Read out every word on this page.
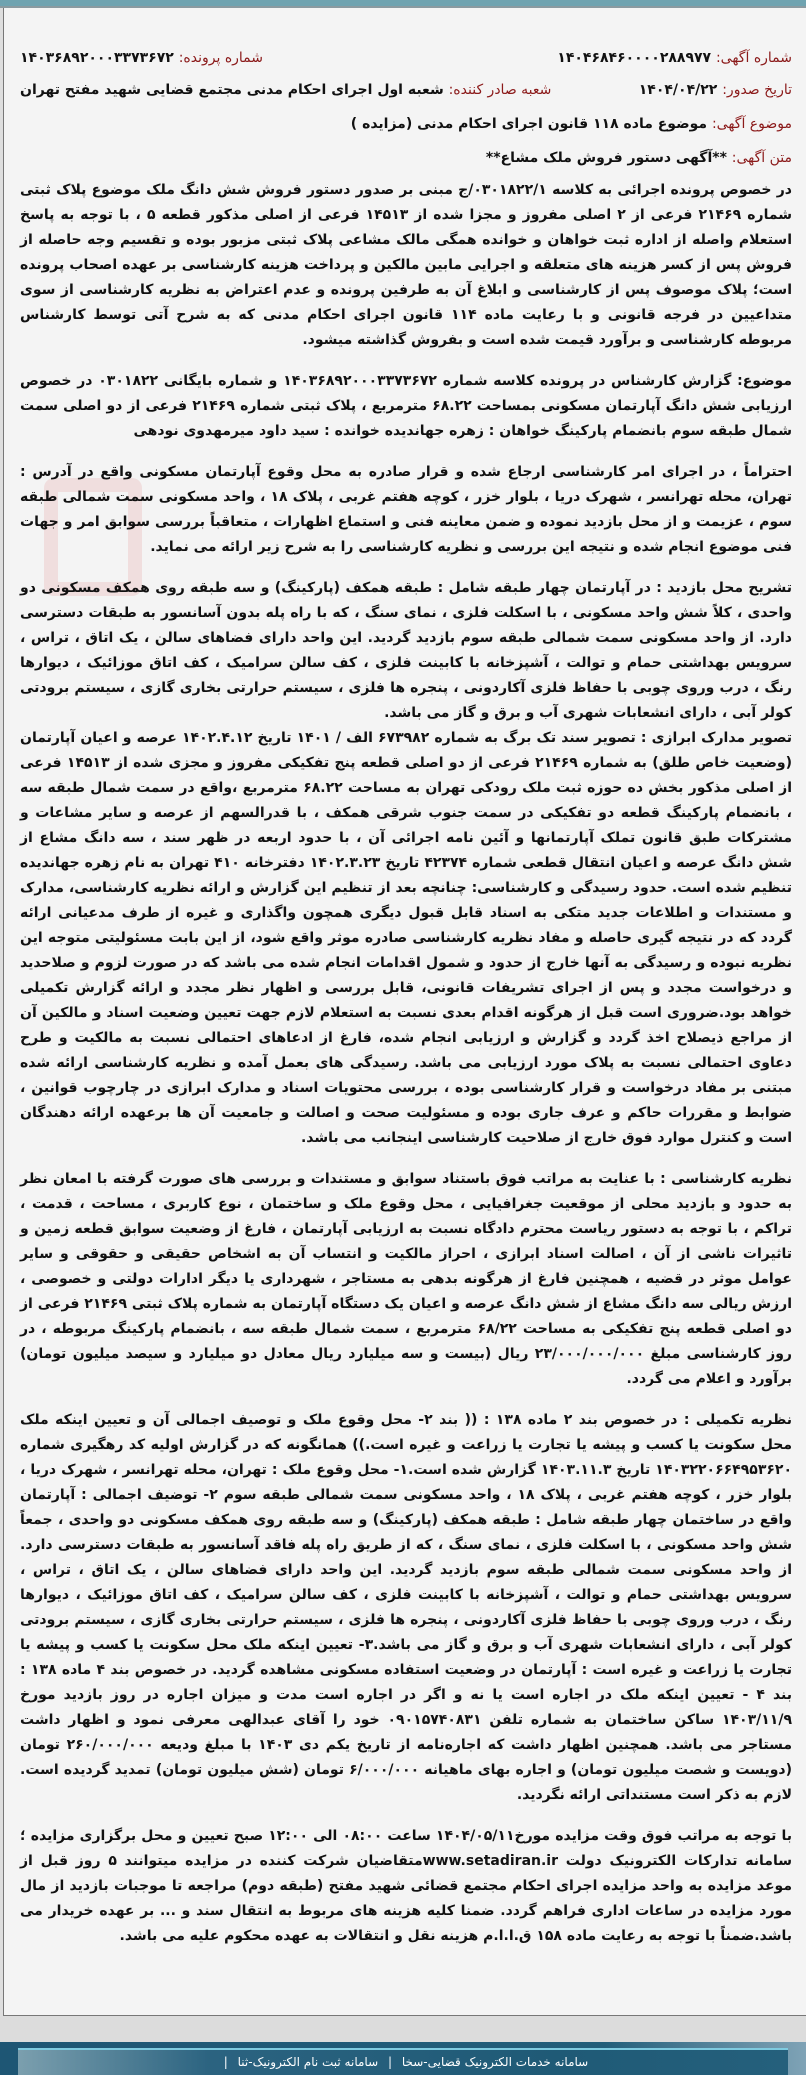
شماره آگهی: ۱۴۰۴۶۸۴۶۰۰۰۰۲۸۸۹۷۷
شماره پرونده: ۱۴۰۳۶۸۹۲۰۰۰۳۳۷۳۶۷۲
تاریخ صدور: ۱۴۰۴/۰۴/۲۲
شعبه صادر کننده: شعبه اول اجرای احکام مدنی مجتمع قضایی شهید مفتح تهران
موضوع آگهی: موضوع ماده ۱۱۸ قانون اجرای احکام مدنی (مزایده )
متن آگهی: **آگهی دستور فروش ملک مشاع**

در خصوص پرونده اجرائی به کلاسه ۰۳۰۱۸۲۲/۱/ج مبنی بر صدور دستور فروش شش دانگ ملک موضوع پلاک ثبتی شماره ۲۱۴۶۹ فرعی از ۲ اصلی مفروز و مجزا شده از ۱۴۵۱۳ فرعی از اصلی مذکور قطعه ۵ ، با توجه به پاسخ استعلام واصله از اداره ثبت خواهان و خوانده همگی مالک مشاعی پلاک ثبتی مزبور بوده و تقسیم وجه حاصله از فروش پس از کسر هزینه های متعلقه و اجرایی مابین مالکین و پرداخت هزینه کارشناسی بر عهده اصحاب پرونده است؛ پلاک موصوف پس از کارشناسی و ابلاغ آن به طرفین پرونده و عدم اعتراض به نظریه کارشناسی از سوی متداعیین در فرجه قانونی و با رعایت ماده ۱۱۴ قانون اجرای احکام مدنی که به شرح آتی توسط کارشناس مربوطه کارشناسی و برآورد قیمت شده است و بفروش گذاشته میشود.

موضوع: گزارش کارشناس در پرونده کلاسه شماره ۱۴۰۳۶۸۹۲۰۰۰۳۳۷۳۶۷۲ و شماره بایگانی ۰۳۰۱۸۲۲ در خصوص ارزیابی شش دانگ آپارتمان مسکونی بمساحت ۶۸.۲۲ مترمربع ، پلاک ثبتی شماره ۲۱۴۶۹ فرعی از دو اصلی سمت شمال طبقه سوم بانضمام پارکینگ خواهان : زهره جهاندیده خوانده : سید داود میرمهدوی نودهی

احتراماً ، در اجرای امر کارشناسی ارجاع شده و قرار صادره به محل وقوع آپارتمان مسکونی واقع در آدرس : تهران، محله تهرانسر ، شهرک دریا ، بلوار خزر ، کوچه هفتم غربی ، پلاک ۱۸ ، واحد مسکونی سمت شمالی طبقه سوم ، عزیمت و از محل بازدید نموده و ضمن معاینه فنی و استماع اظهارات ، متعاقباً بررسی سوابق امر و جهات فنی موضوع انجام شده و نتیجه این بررسی و نظریه کارشناسی را به شرح زیر ارائه می نماید.

تشریح محل بازدید : در آپارتمان چهار طبقه شامل : طبقه همکف (پارکینگ) و سه طبقه روی همکف مسکونی دو واحدی ، کلاً شش واحد مسکونی ، با اسکلت فلزی ، نمای سنگ ، که با راه پله بدون آسانسور به طبقات دسترسی دارد. از واحد مسکونی سمت شمالی طبقه سوم بازدید گردید. این واحد دارای فضاهای سالن ، یک اتاق ، تراس ، سرویس بهداشتی حمام و توالت ، آشپزخانه با کابینت فلزی ، کف سالن سرامیک ، کف اتاق موزائیک ، دیوارها رنگ ، درب وروی چوبی با حفاظ فلزی آکاردونی ، پنجره ها فلزی ، سیستم حرارتی بخاری گازی ، سیستم برودتی کولر آبی ، دارای انشعابات شهری آب و برق و گاز می باشد.

تصویر مدارک ابرازی : تصویر سند تک برگ به شماره ۶۷۳۹۸۲ الف / ۱۴۰۱ تاریخ ۱۴۰۲.۴.۱۲ عرصه و اعیان آپارتمان (وضعیت خاص طلق) به شماره ۲۱۴۶۹ فرعی از دو اصلی قطعه پنج تفکیکی مفروز و مجزی شده از ۱۴۵۱۳ فرعی از اصلی مذکور بخش ده حوزه ثبت ملک رودکی تهران به مساحت ۶۸.۲۲ مترمربع ،واقع در سمت شمال طبقه سه ، بانضمام پارکینگ قطعه دو تفکیکی در سمت جنوب شرقی همکف ، با قدرالسهم از عرصه و سایر مشاعات و مشترکات طبق قانون تملک آپارتمانها و آئین نامه اجرائی آن ، با حدود اربعه در ظهر سند ، سه دانگ مشاع از شش دانگ عرصه و اعیان انتقال قطعی شماره ۴۲۳۷۴ تاریخ ۱۴۰۲.۳.۲۳ دفترخانه ۴۱۰ تهران به نام زهره جهاندیده تنظیم شده است. حدود رسیدگی و کارشناسی: چنانچه بعد از تنظیم این گزارش و ارائه نظریه کارشناسی، مدارک و مستندات و اطلاعات جدید متکی به اسناد قابل قبول دیگری همچون واگذاری و غیره از طرف مدعیانی ارائه گردد که در نتیجه گیری حاصله و مفاد نظریه کارشناسی صادره موثر واقع شود، از این بابت مسئولیتی متوجه این نظریه نبوده و رسیدگی به آنها خارج از حدود و شمول اقدامات انجام شده می باشد که در صورت لزوم و صلاحدید و درخواست مجدد و پس از اجرای تشریفات قانونی، قابل بررسی و اظهار نظر مجدد و ارائه گزارش تکمیلی خواهد بود.ضروری است قبل از هرگونه اقدام بعدی نسبت به استعلام لازم جهت تعیین وضعیت اسناد و مالکین آن از مراجع ذیصلاح اخذ گردد و گزارش و ارزیابی انجام شده، فارغ از ادعاهای احتمالی نسبت به مالکیت و طرح دعاوی احتمالی نسبت به پلاک مورد ارزیابی می باشد. رسیدگی های بعمل آمده و نظریه کارشناسی ارائه شده مبتنی بر مفاد درخواست و قرار کارشناسی بوده ، بررسی محتویات اسناد و مدارک ابرازی در چارچوب قوانین ، ضوابط و مقررات حاکم و عرف جاری بوده و مسئولیت صحت و اصالت و جامعیت آن ها برعهده ارائه دهندگان است و کنترل موارد فوق خارج از صلاحیت کارشناسی اینجانب می باشد.

نظریه کارشناسی : با عنایت به مراتب فوق باستناد سوابق و مستندات و بررسی های صورت گرفته با امعان نظر به حدود و بازدید محلی از موقعیت جغرافیایی ، محل وقوع ملک و ساختمان ، نوع کاربری ، مساحت ، قدمت ، تراکم ، با توجه به دستور ریاست محترم دادگاه نسبت به ارزیابی آپارتمان ، فارغ از وضعیت سوابق قطعه زمین و تاثیرات ناشی از آن ، اصالت اسناد ابرازی ، احراز مالکیت و انتساب آن به اشخاص حقیقی و حقوقی و سایر عوامل موثر در قضیه ، همچنین فارغ از هرگونه بدهی به مستاجر ، شهرداری یا دیگر ادارات دولتی و خصوصی ، ارزش ریالی سه دانگ مشاع از شش دانگ عرصه و اعیان یک دستگاه آپارتمان به شماره پلاک ثبتی ۲۱۴۶۹ فرعی از دو اصلی قطعه پنج تفکیکی به مساحت ۶۸/۲۲ مترمربع ، سمت شمال طبقه سه ، بانضمام پارکینگ مربوطه ، در روز کارشناسی مبلغ ۲۳/۰۰۰/۰۰۰/۰۰۰ ریال (بیست و سه میلیارد ریال معادل دو میلیارد و سیصد میلیون تومان) برآورد و اعلام می گردد.

نظریه تکمیلی : در خصوص بند ۲ ماده ۱۳۸ : (( بند ۲- محل وقوع ملک و توصیف اجمالی آن و تعیین اینکه ملک محل سکونت یا کسب و پیشه یا تجارت یا زراعت و غیره است.)) همانگونه که در گزارش اولیه کد رهگیری شماره ۱۴۰۳۲۲۰۶۶۴۹۵۳۶۲۰ تاریخ ۱۴۰۳.۱۱.۳ گزارش شده است.۱- محل وقوع ملک : تهران، محله تهرانسر ، شهرک دریا ، بلوار خزر ، کوچه هفتم غربی ، پلاک ۱۸ ، واحد مسکونی سمت شمالی طبقه سوم ۲- توضیف اجمالی : آپارتمان واقع در ساختمان چهار طبقه شامل : طبقه همکف (پارکینگ) و سه طبقه روی همکف مسکونی دو واحدی ، جمعاً شش واحد مسکونی ، با اسکلت فلزی ، نمای سنگ ، که از طریق راه پله فاقد آسانسور به طبقات دسترسی دارد. از واحد مسکونی سمت شمالی طبقه سوم بازدید گردید. این واحد دارای فضاهای سالن ، یک اتاق ، تراس ، سرویس بهداشتی حمام و توالت ، آشپزخانه با کابینت فلزی ، کف سالن سرامیک ، کف اتاق موزائیک ، دیوارها رنگ ، درب وروی چوبی با حفاظ فلزی آکاردونی ، پنجره ها فلزی ، سیستم حرارتی بخاری گازی ، سیستم برودتی کولر آبی ، دارای انشعابات شهری آب و برق و گاز می باشد.۳- تعیین اینکه ملک محل سکونت یا کسب و پیشه یا تجارت یا زراعت و غیره است : آپارتمان در وضعیت استفاده مسکونی مشاهده گردید. در خصوص بند ۴ ماده ۱۳۸ : بند ۴ - تعیین اینکه ملک در اجاره است یا نه و اگر در اجاره است مدت و میزان اجاره در روز بازدید مورخ ۱۴۰۳/۱۱/۹ ساکن ساختمان به شماره تلفن ۰۹۰۱۵۷۴۰۸۳۱ خود را آقای عبدالهی معرفی نمود و اظهار داشت مستاجر می باشد. همچنین اظهار داشت که اجاره‌نامه از تاریخ یکم دی ۱۴۰۳ با مبلغ ودیعه ۲۶۰/۰۰۰/۰۰۰ تومان (دویست و شصت میلیون تومان) و اجاره بهای ماهیانه ۶/۰۰۰/۰۰۰ تومان (شش میلیون تومان) تمدید گردیده است. لازم به ذکر است مستنداتی ارائه نگردید.

با توجه به مراتب فوق وقت مزایده مورخ۱۴۰۴/۰۵/۱۱ ساعت ۰۸:۰۰ الی ۱۲:۰۰ صبح تعیین و محل برگزاری مزایده ؛سامانه تدارکات الکترونیک دولت www.setadiran.irمتقاضیان شرکت کننده در مزایده میتوانند ۵ روز قبل از موعد مزایده به واحد مزایده اجرای احکام مجتمع قضائی شهید مفتح (طبقه دوم) مراجعه تا موجبات بازدید از مال مورد مزایده در ساعات اداری فراهم گردد. ضمنا کلیه هزینه های مربوط به انتقال سند و ... بر عهده خریدار می باشد.ضمناً با توجه به رعایت ماده ۱۵۸ ق.ا.ا.م هزینه نقل و انتقالات به عهده محکوم علیه می باشد.

سامانه خدمات الکترونیک قضایی-سخا | سامانه ثبت نام الکترونیک-ثنا |
